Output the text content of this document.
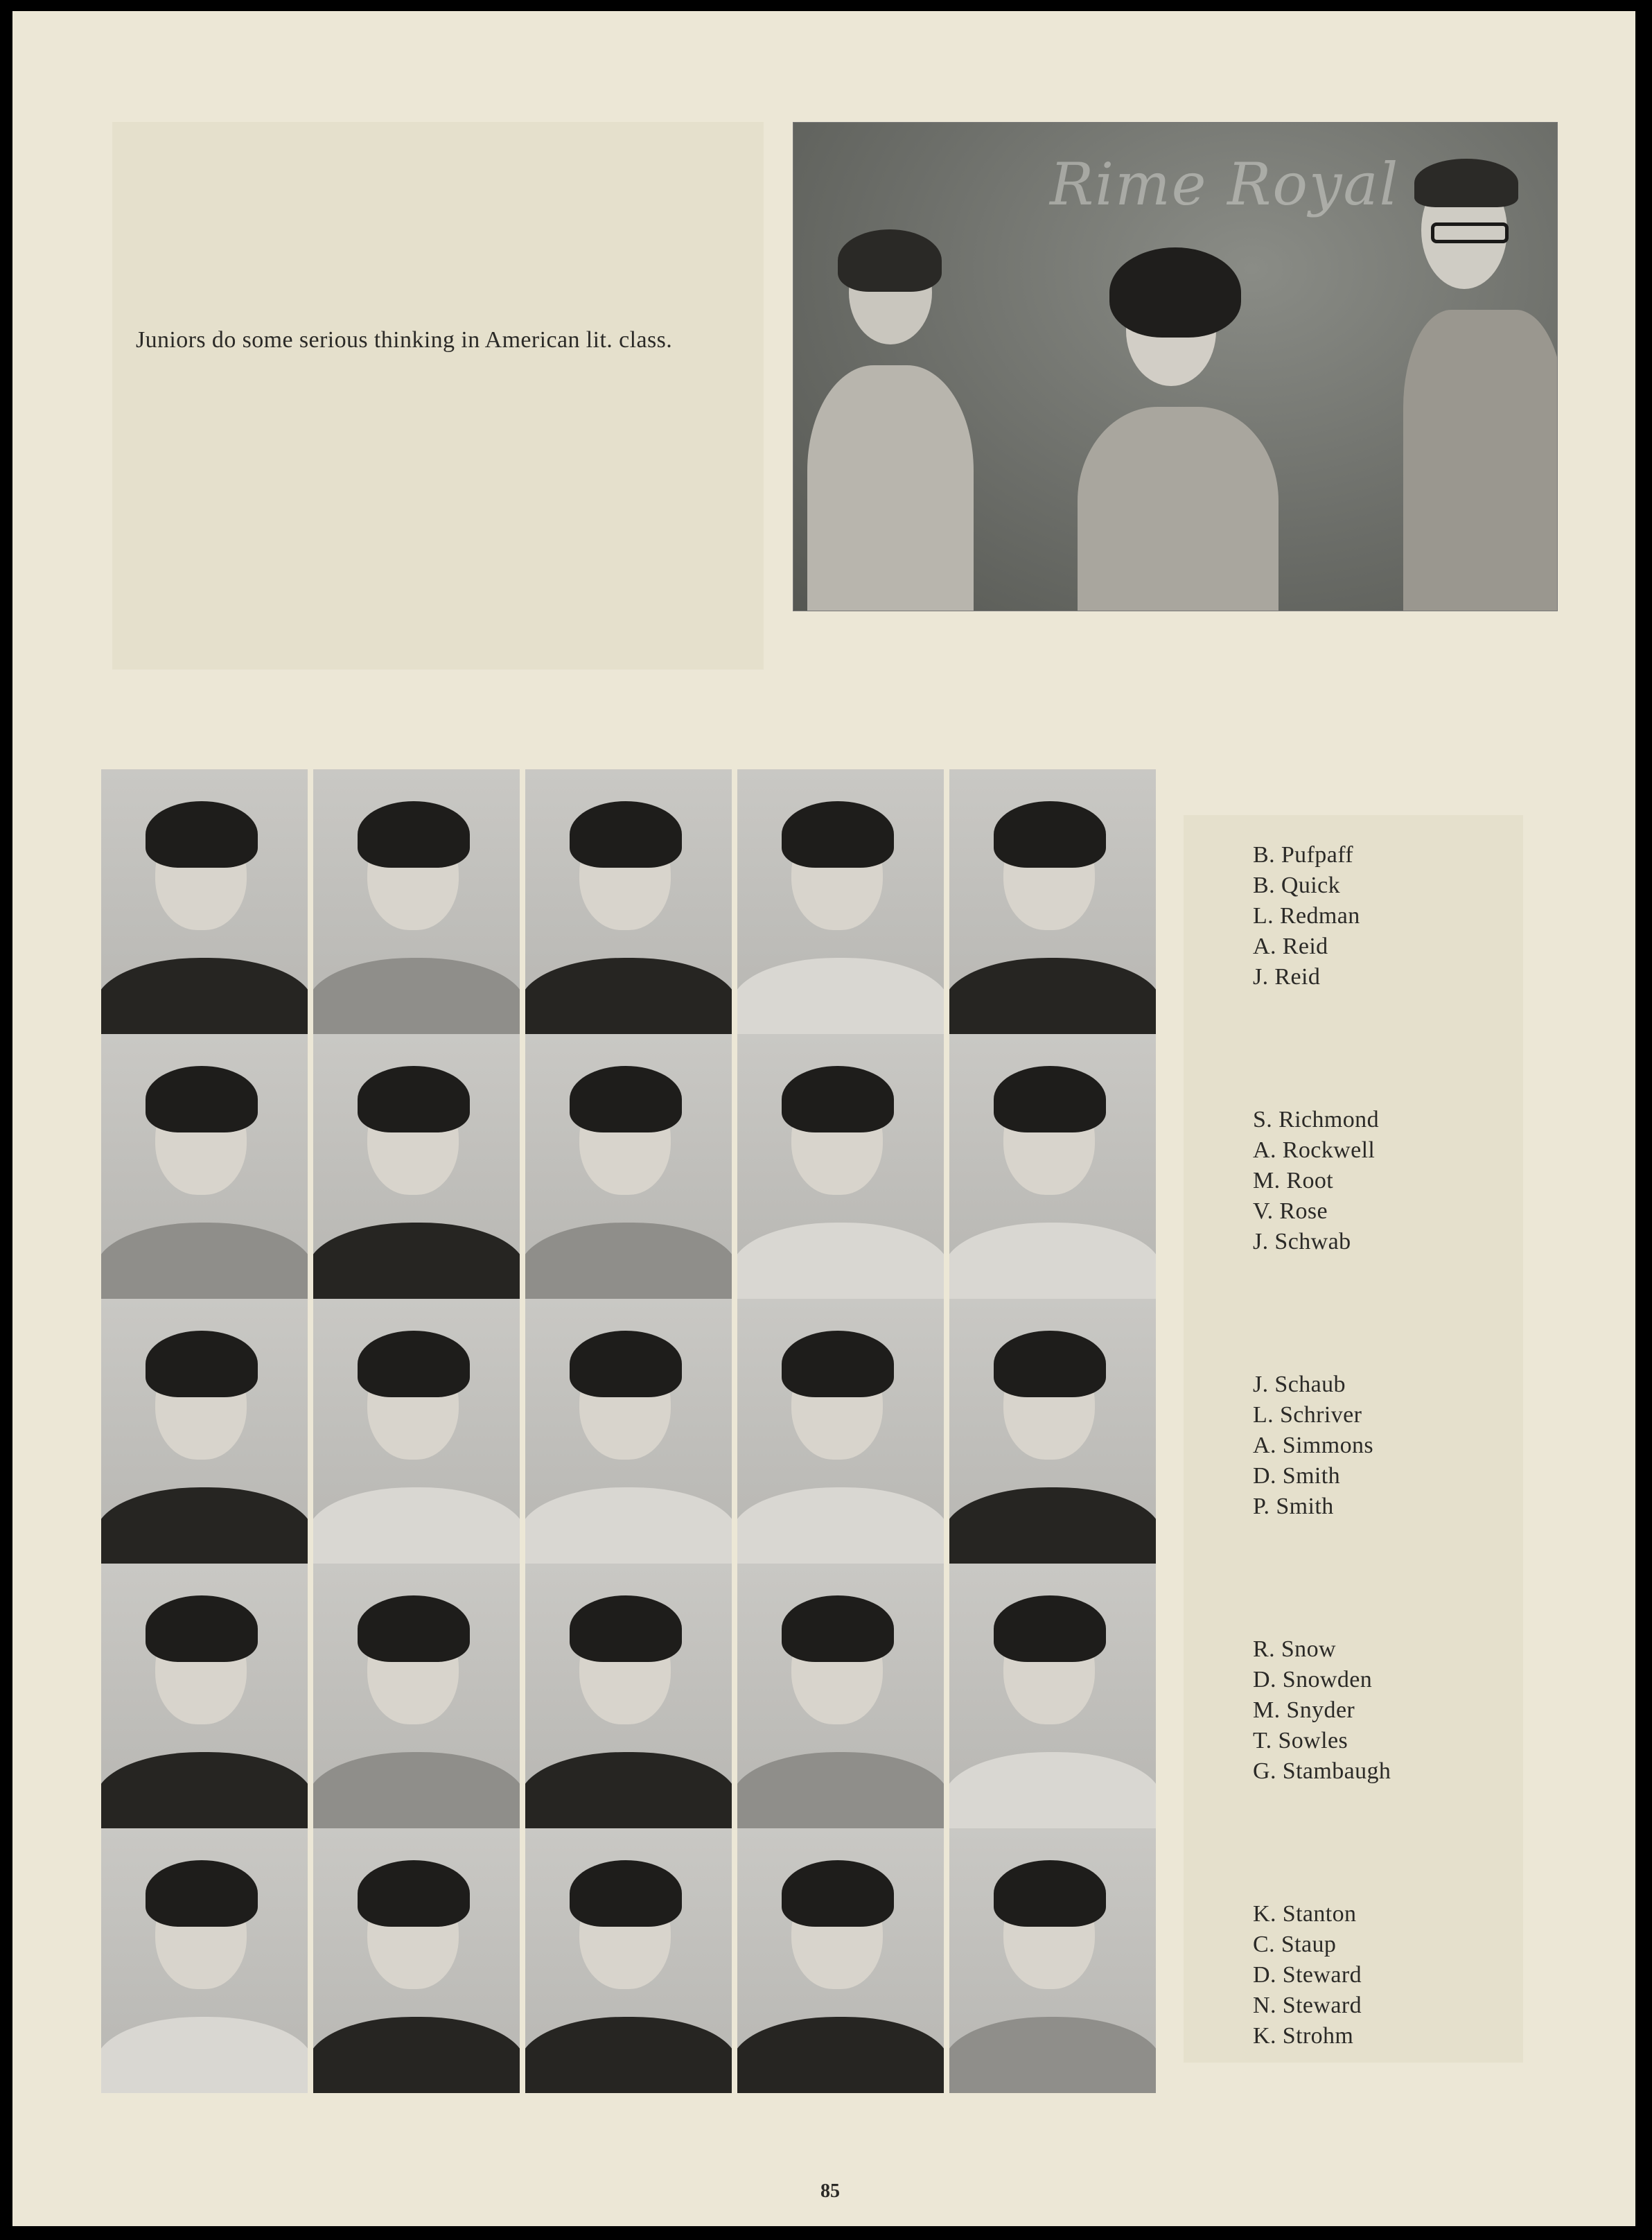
Juniors do some serious thinking in American lit. class.
Rime Royal
B. Pufpaff
B. Quick
L. Redman
A. Reid
J. Reid
S. Richmond
A. Rockwell
M. Root
V. Rose
J. Schwab
J. Schaub
L. Schriver
A. Simmons
D. Smith
P. Smith
R. Snow
D. Snowden
M. Snyder
T. Sowles
G. Stambaugh
K. Stanton
C. Staup
D. Steward
N. Steward
K. Strohm
85
